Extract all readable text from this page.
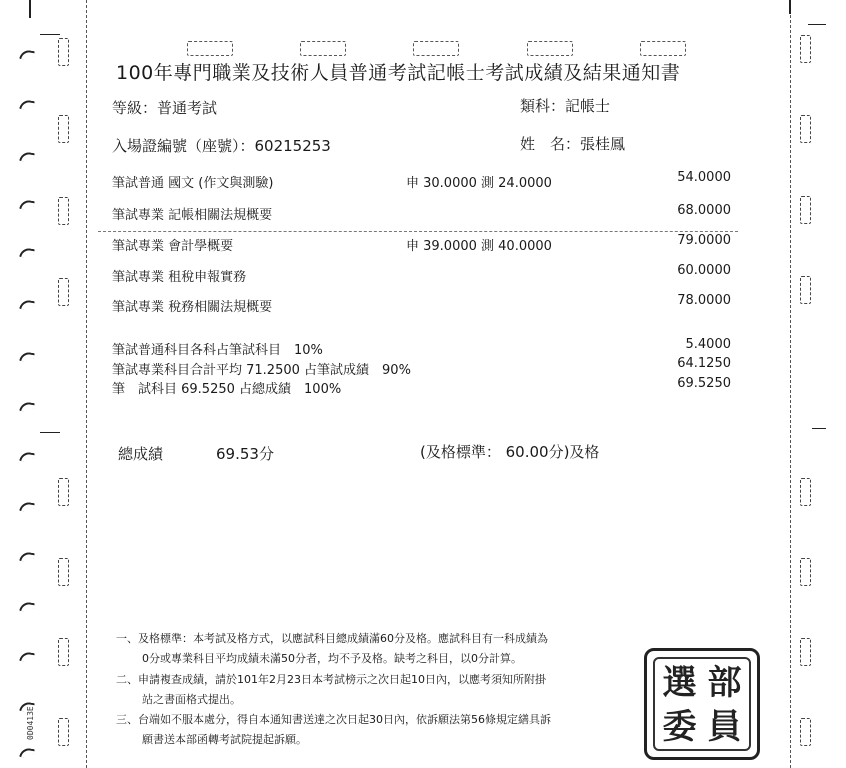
0D0413E
100年專門職業及技術人員普通考試記帳士考試成績及結果通知書
等級：普通考試	類科：記帳士
入場證編號（座號）：60215253	姓　名：張桂鳳
筆試普通 國文 (作文與測驗)	申 30.0000 測 24.0000	54.0000
筆試專業 記帳相關法規概要	68.0000
筆試專業 會計學概要	申 39.0000 測 40.0000	79.0000
筆試專業 租稅申報實務	60.0000
筆試專業 稅務相關法規概要	78.0000
筆試普通科目各科占筆試科目　10%	5.4000
筆試專業科目合計平均 71.2500 占筆試成績　90%	64.1250
筆　試科目 69.5250 占總成績　100%	69.5250
總成績	69.53分	(及格標準： 60.00分)及格
一、及格標準：本考試及格方式，以應試科目總成績滿60分及格。應試科目有一科成績為
0分或專業科目平均成績未滿50分者，均不予及格。缺考之科目，以0分計算。
二、申請複查成績，請於101年2月23日本考試榜示之次日起10日內，以應考須知所附掛
站之書面格式提出。
三、台端如不服本處分，得自本通知書送達之次日起30日內，依訴願法第56條規定繕具訴
願書送本部函轉考試院提起訴願。
選 部
委 員
